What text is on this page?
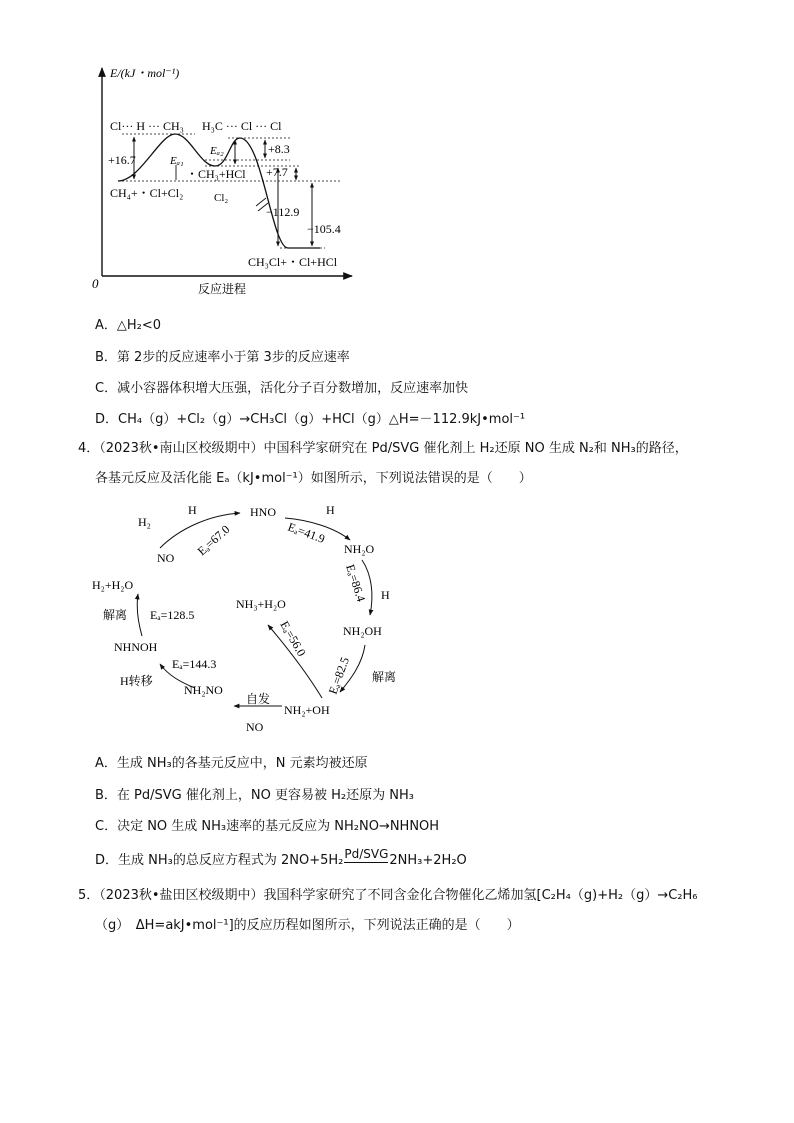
E/(kJ・mol⁻¹)
0	反应进程
Cl··· H ··· CH₃ H₃C ··· Cl ··· Cl
+16.7	Eₐ₁
Eₐ₂	+8.3
・CH₃+HCl +7.7
CH₄+・Cl+Cl₂	Cl₂
−112.9
−105.4
CH₃Cl+・Cl+HCl
A．△H₂<0
B．第 2步的反应速率小于第 3步的反应速率
C．减小容器体积增大压强，活化分子百分数增加，反应速率加快
D．CH₄（g）+Cl₂（g）→CH₃Cl（g）+HCl（g）△H=－112.9kJ•mol⁻¹
4．（2023秋•南山区校级期中）中国科学家研究在 Pd/SVG 催化剂上 H₂还原 NO 生成 N₂和 NH₃的路径，
各基元反应及活化能 Eₐ（kJ•mol⁻¹）如图所示，下列说法错误的是（　　）
H₂
H
NO Eₐ=67.0
HNO	H
Eₐ=41.9
NH₂O
Eₐ=86.4 H
NH₂OH
Eₐ=82.5 解离
NH₂+OH
自发
NO
NH₂NO
H转移
Eₐ=144.3
NHNOH
解离 Eₐ=128.5
H₂+H₂O
NH₃+H₂O
Eₐ=56.0
A．生成 NH₃的各基元反应中，N 元素均被还原
B．在 Pd/SVG 催化剂上，NO 更容易被 H₂还原为 NH₃
C．决定 NO 生成 NH₃速率的基元反应为 NH₂NO→NHNOH
D．生成 NH₃的总反应方程式为 2NO+5H₂ Pd/SVG 2NH₃+2H₂O
5．（2023秋•盐田区校级期中）我国科学家研究了不同含金化合物催化乙烯加氢[C₂H₄（g)+H₂（g）→C₂H₆
（g）　ΔH=akJ•mol⁻¹]的反应历程如图所示，下列说法正确的是（　　）
